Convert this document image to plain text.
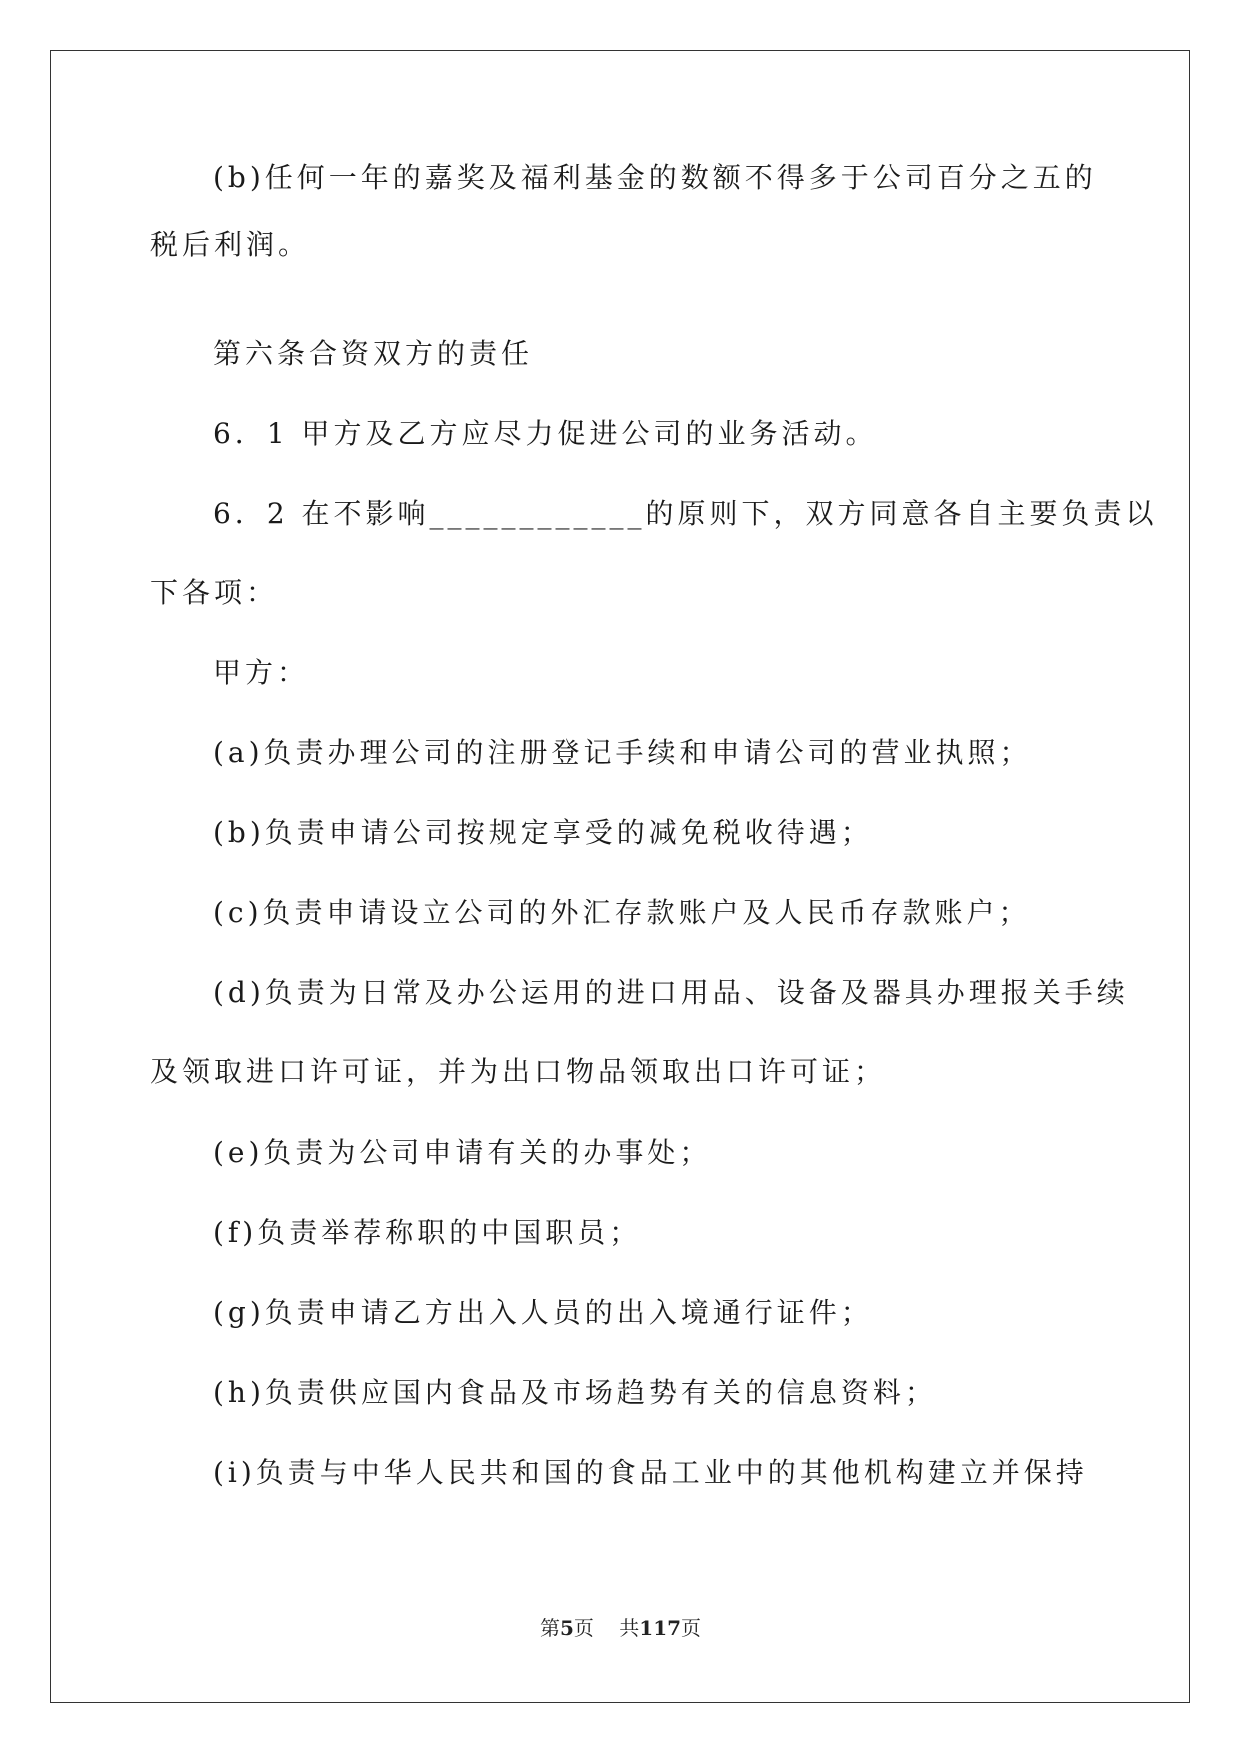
(b)任何一年的嘉奖及福利基金的数额不得多于公司百分之五的
税后利润。
第六条合资双方的责任
6．1 甲方及乙方应尽力促进公司的业务活动。
6．2 在不影响____________的原则下，双方同意各自主要负责以
下各项：
甲方：
(a)负责办理公司的注册登记手续和申请公司的营业执照；
(b)负责申请公司按规定享受的减免税收待遇；
(c)负责申请设立公司的外汇存款账户及人民币存款账户；
(d)负责为日常及办公运用的进口用品、设备及器具办理报关手续
及领取进口许可证，并为出口物品领取出口许可证；
(e)负责为公司申请有关的办事处；
(f)负责举荐称职的中国职员；
(g)负责申请乙方出入人员的出入境通行证件；
(h)负责供应国内食品及市场趋势有关的信息资料；
(i)负责与中华人民共和国的食品工业中的其他机构建立并保持
第5页 共117页
